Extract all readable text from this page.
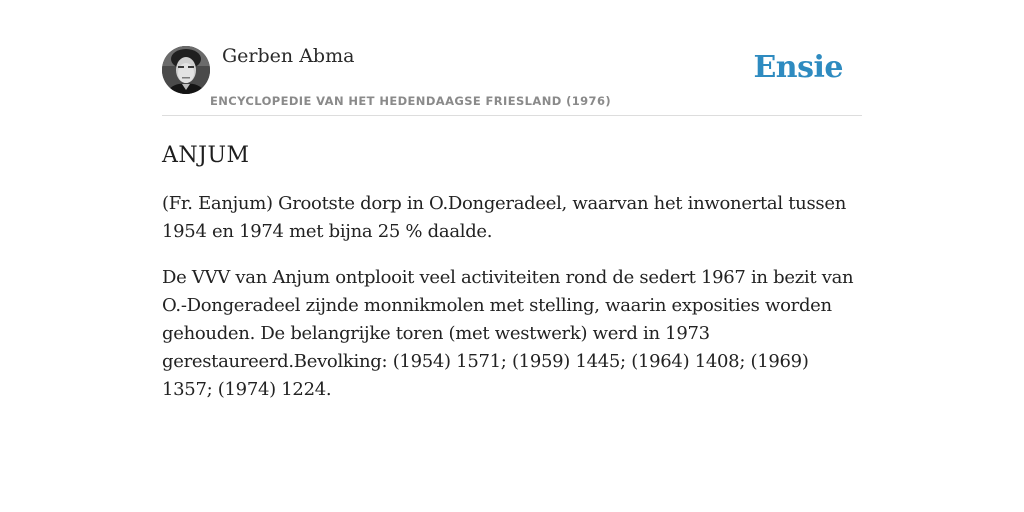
Gerben Abma
ENCYCLOPEDIE VAN HET HEDENDAAGSE FRIESLAND (1976)
Ensie
ANJUM

(Fr. Eanjum) Grootste dorp in O.Dongeradeel, waarvan het inwonertal tussen 1954 en 1974 met bijna 25 % daalde.

De VVV van Anjum ontplooit veel activiteiten rond de sedert 1967 in bezit van O.-Dongeradeel zijnde monnikmolen met stelling, waarin exposities worden gehouden. De belangrijke toren (met westwerk) werd in 1973 gerestaureerd.Bevolking: (1954) 1571; (1959) 1445; (1964) 1408; (1969) 1357; (1974) 1224.
